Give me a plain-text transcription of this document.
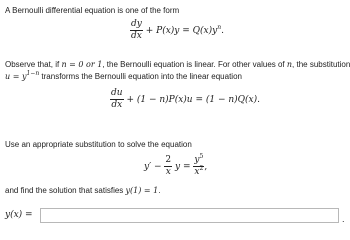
A Bernoulli differential equation is one of the form
$\frac{dy}{dx} + P(x)y = Q(x)y^n$.
Observe that, if n = 0 or 1, the Bernoulli equation is linear. For other values of n, the substitution
$u = y^{1-n}$ transforms the Bernoulli equation into the linear equation
$\frac{du}{dx} + (1 - n)P(x)u = (1 - n)Q(x)$.
Use an appropriate substitution to solve the equation
$y' - \frac{2}{x}$ $y = \frac{y^5}{x^2}$ ,
and find the solution that satisfies y(1) = 1.
y(x) =	.
